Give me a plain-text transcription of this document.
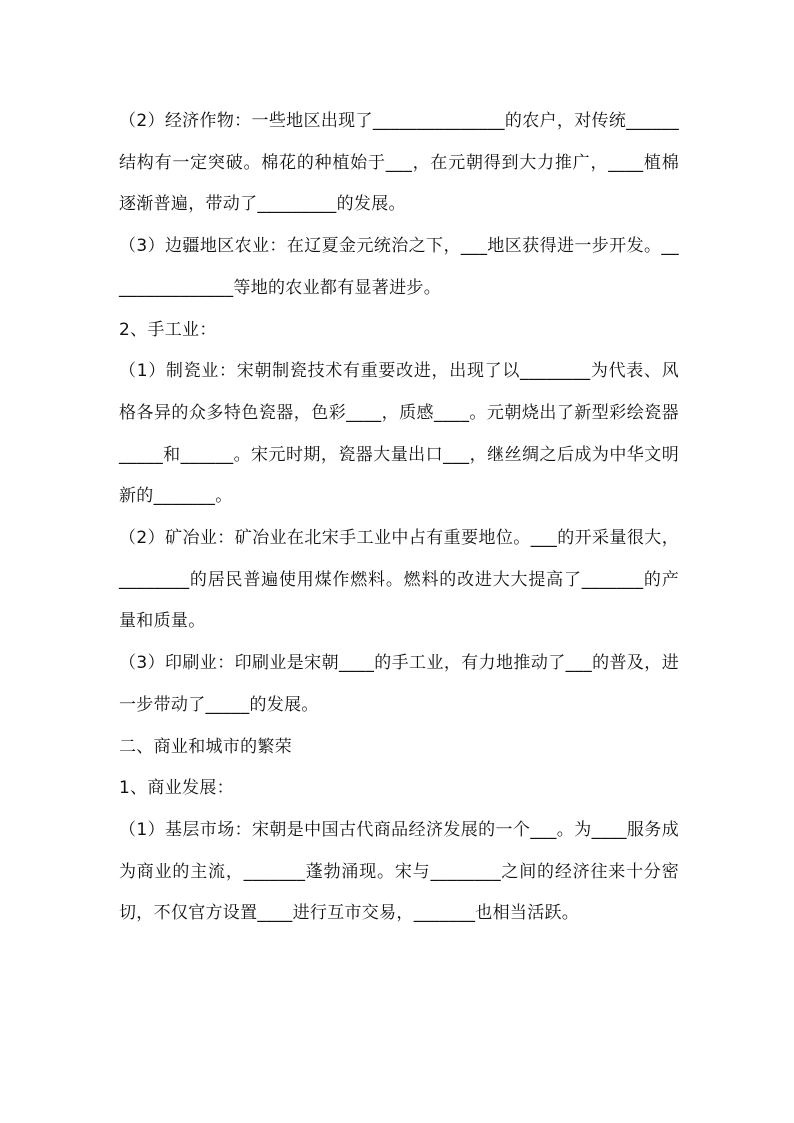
（2）经济作物：一些地区出现了_______________的农户，对传统______结构有一定突破。棉花的种植始于___，在元朝得到大力推广，____植棉逐渐普遍，带动了_________的发展。

（3）边疆地区农业：在辽夏金元统治之下，___地区获得进一步开发。_______________等地的农业都有显著进步。

2、手工业：

（1）制瓷业：宋朝制瓷技术有重要改进，出现了以________为代表、风格各异的众多特色瓷器，色彩____，质感____。元朝烧出了新型彩绘瓷器_____和______。宋元时期，瓷器大量出口___，继丝绸之后成为中华文明新的_______。

（2）矿冶业：矿冶业在北宋手工业中占有重要地位。___的开采量很大，________的居民普遍使用煤作燃料。燃料的改进大大提高了_______的产量和质量。

（3）印刷业：印刷业是宋朝____的手工业，有力地推动了___的普及，进一步带动了_____的发展。

二、商业和城市的繁荣

1、商业发展：

（1）基层市场：宋朝是中国古代商品经济发展的一个___。为____服务成为商业的主流，_______蓬勃涌现。宋与________之间的经济往来十分密切，不仅官方设置____进行互市交易，_______也相当活跃。
